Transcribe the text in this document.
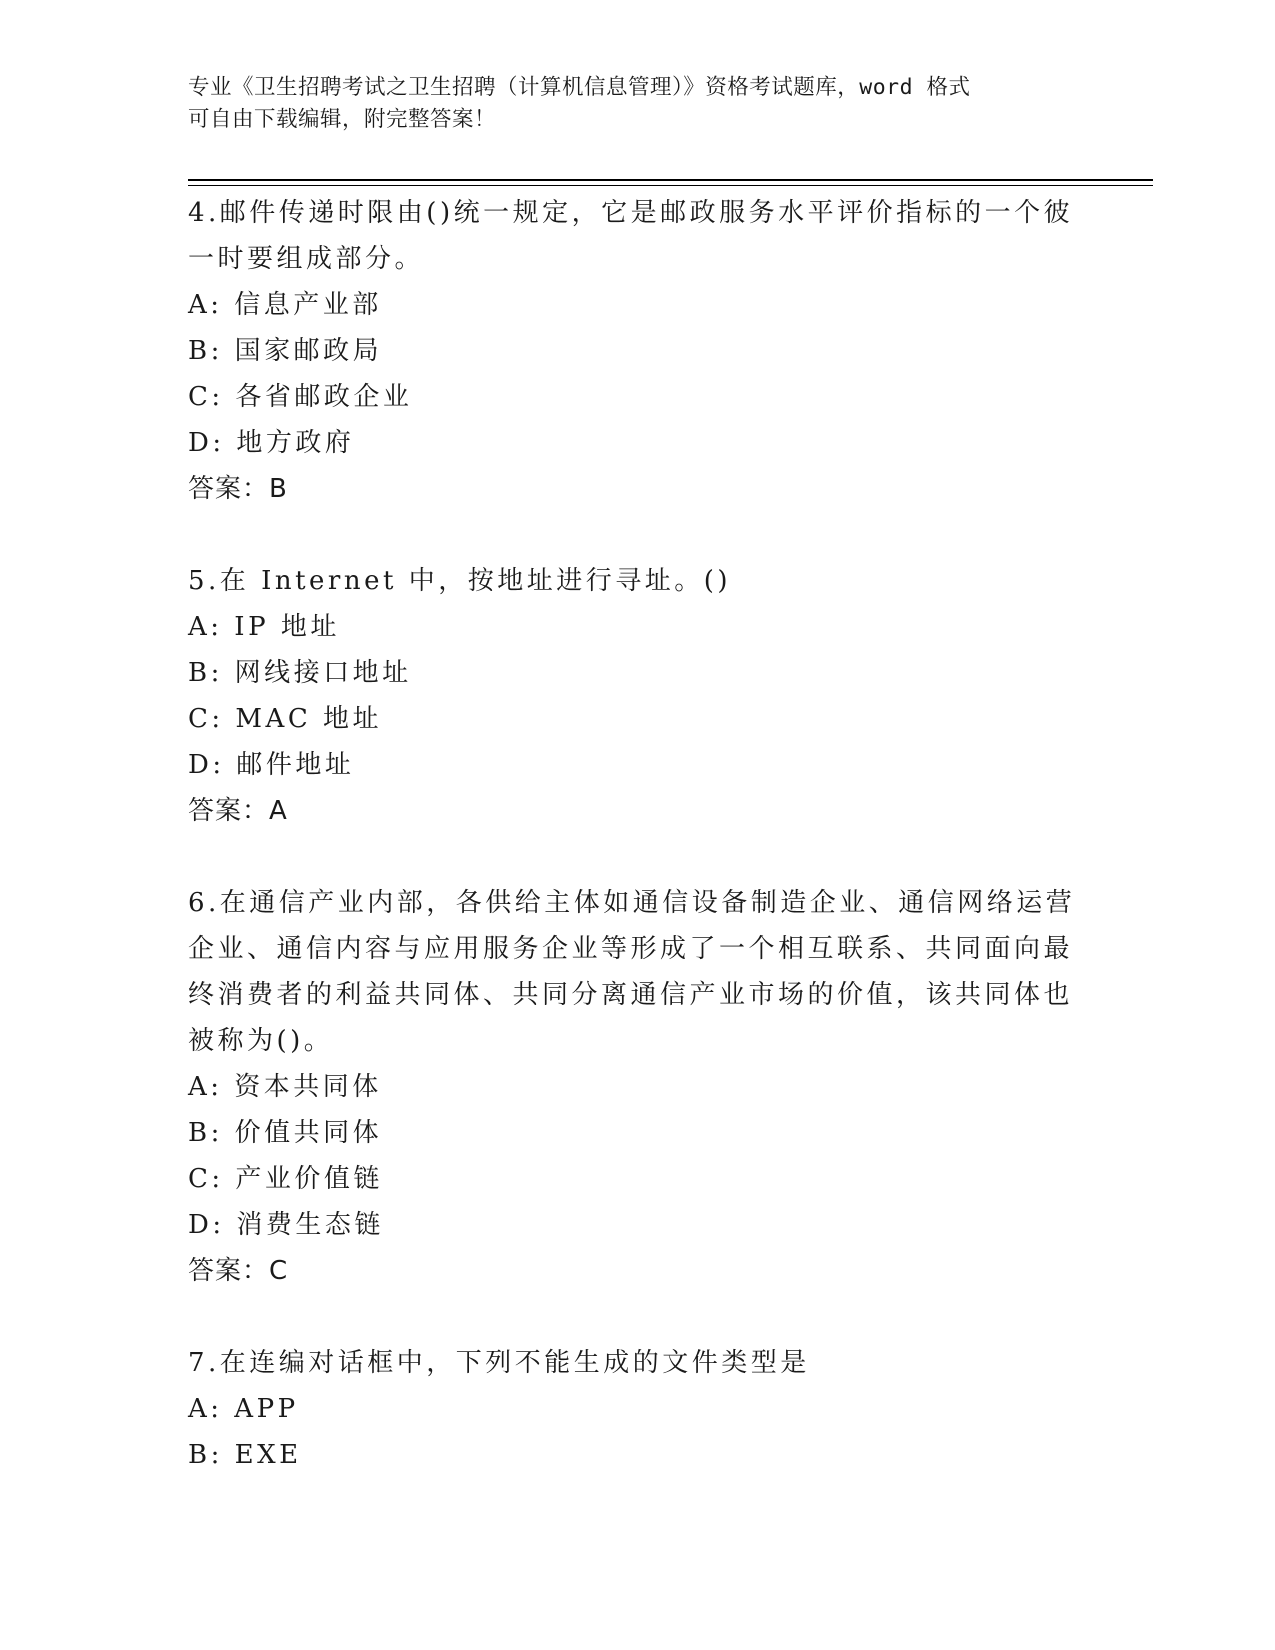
专业《卫生招聘考试之卫生招聘（计算机信息管理）》资格考试题库，word 格式
可自由下载编辑，附完整答案！
4.邮件传递时限由()统一规定，它是邮政服务水平评价指标的一个彼一时要组成部分。
A: 信息产业部
B: 国家邮政局
C: 各省邮政企业
D: 地方政府
答案：B
5.在 Internet 中，按地址进行寻址。()
A: IP 地址
B: 网线接口地址
C: MAC 地址
D: 邮件地址
答案：A
6.在通信产业内部，各供给主体如通信设备制造企业、通信网络运营企业、通信内容与应用服务企业等形成了一个相互联系、共同面向最终消费者的利益共同体、共同分离通信产业市场的价值，该共同体也被称为()。
A: 资本共同体
B: 价值共同体
C: 产业价值链
D: 消费生态链
答案：C
7.在连编对话框中，下列不能生成的文件类型是
A: APP
B: EXE
